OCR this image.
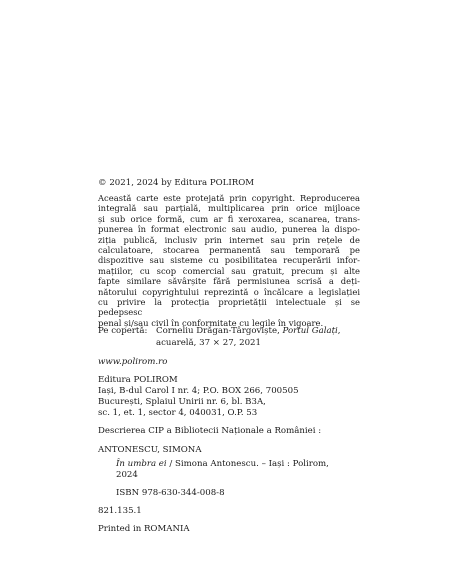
© 2021, 2024 by Editura POLIROM
Această carte este protejată prin copyright. Reproducerea
integrală sau parțială, multiplicarea prin orice mijloace
și sub orice formă, cum ar fi xeroxarea, scanarea, trans-
punerea în format electronic sau audio, punerea la dispo-
ziția publică, inclusiv prin internet sau prin rețele de
calculatoare, stocarea permanentă sau temporară pe
dispozitive sau sisteme cu posibilitatea recuperării infor-
mațiilor, cu scop comercial sau gratuit, precum și alte
fapte similare săvârșite fără permisiunea scrisă a deți-
nătorului copyrightului reprezintă o încălcare a legislației
cu privire la protecția proprietății intelectuale și se pedepsesc
penal și/sau civil în conformitate cu legile în vigoare.
Pe copertă: Corneliu Drăgan-Târgoviște, Portul Galați,
acuarelă, 37 × 27, 2021
www.polirom.ro
Editura POLIROM
Iași, B-dul Carol I nr. 4; P.O. BOX 266, 700505
București, Splaiul Unirii nr. 6, bl. B3A,
sc. 1, et. 1, sector 4, 040031, O.P. 53
Descrierea CIP a Bibliotecii Naționale a României :
ANTONESCU, SIMONA
În umbra ei / Simona Antonescu. – Iași : Polirom,
2024
ISBN 978-630-344-008-8
821.135.1
Printed in ROMANIA
